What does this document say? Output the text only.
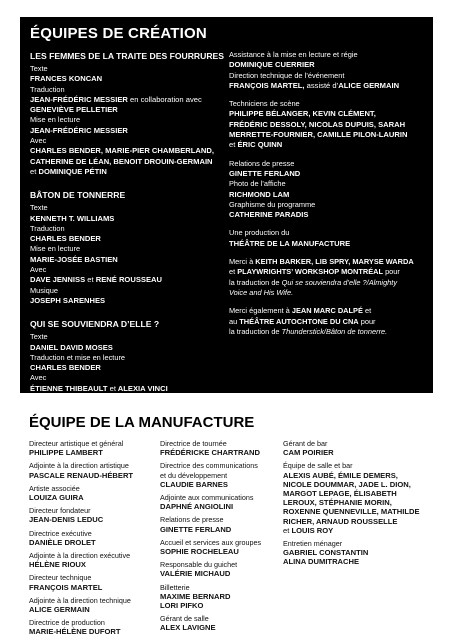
ÉQUIPES DE CRÉATION
LES FEMMES DE LA TRAITE DES FOURRURES
Texte
FRANCES KONCAN
Traduction
JEAN-FRÉDÉRIC MESSIER en collaboration avec
GENEVIÈVE PELLETIER
Mise en lecture
JEAN-FRÉDÉRIC MESSIER
Avec
CHARLES BENDER, MARIE-PIER CHAMBERLAND,
CATHERINE DE LÉAN, BENOIT DROUIN-GERMAIN
et DOMINIQUE PÉTIN
BÂTON DE TONNERRE
Texte
KENNETH T. WILLIAMS
Traduction
CHARLES BENDER
Mise en lecture
MARIE-JOSÉE BASTIEN
Avec
DAVE JENNISS et RENÉ ROUSSEAU
Musique
JOSEPH SARENHES
QUI SE SOUVIENDRA D’ELLE ?
Texte
DANIEL DAVID MOSES
Traduction et mise en lecture
CHARLES BENDER
Avec
ÉTIENNE THIBEAULT et ALEXIA VINCI
Assistance à la mise en lecture et régie
DOMINIQUE CUERRIER
Direction technique de l’événement
FRANÇOIS MARTEL, assisté d’ALICE GERMAIN
Techniciens de scène
PHILIPPE BÉLANGER, KEVIN CLÉMENT,
FRÉDÉRIC DESSOLY, NICOLAS DUPUIS, SARAH
MERRETTE-FOURNIER, CAMILLE PILON-LAURIN
et ÉRIC QUINN
Relations de presse
GINETTE FERLAND
Photo de l’affiche
RICHMOND LAM
Graphisme du programme
CATHERINE PARADIS
Une production du
THÉÂTRE DE LA MANUFACTURE
Merci à KEITH BARKER, LIB SPRY, MARYSE WARDA
et PLAYWRIGHTS’ WORKSHOP MONTRÉAL pour
la traduction de Qui se souviendra d’elle ?/Almighty
Voice and His Wife.
Merci également à JEAN MARC DALPÉ et
au THÉÂTRE AUTOCHTONE DU CNA pour
la traduction de Thunderstick/Bâton de tonnerre.
ÉQUIPE DE LA MANUFACTURE
Directeur artistique et général
PHILIPPE LAMBERT
Adjointe à la direction artistique
PASCALE RENAUD-HÉBERT
Artiste associée
LOUIZA GUIRA
Directeur fondateur
JEAN-DENIS LEDUC
Directrice exécutive
DANIÈLE DROLET
Adjointe à la direction exécutive
HÉLÈNE RIOUX
Directeur technique
FRANÇOIS MARTEL
Adjointe à la direction technique
ALICE GERMAIN
Directrice de production
MARIE-HÉLÈNE DUFORT
Directrice de tournée
FRÉDÉRICKE CHARTRAND
Directrice des communications
et du développement
CLAUDIE BARNES
Adjointe aux communications
DAPHNÉ ANGIOLINI
Relations de presse
GINETTE FERLAND
Accueil et services aux groupes
SOPHIE ROCHELEAU
Responsable du guichet
VALÉRIE MICHAUD
Billetterie
MAXIME BERNARD
LORI PIFKO
Gérant de salle
ALEX LAVIGNE
Gérant de bar
CAM POIRIER
Équipe de salle et bar
ALEXIS AUBÉ, ÉMILE DEMERS,
NICOLE DOUMMAR, JADE L. DION,
MARGOT LEPAGE, ÉLISABETH
LEROUX, STÉPHANIE MORIN,
ROXENNE QUENNEVILLE, MATHILDE
RICHER, ARNAUD ROUSSELLE
et LOUIS ROY
Entretien ménager
GABRIEL CONSTANTIN
ALINA DUMITRACHE
